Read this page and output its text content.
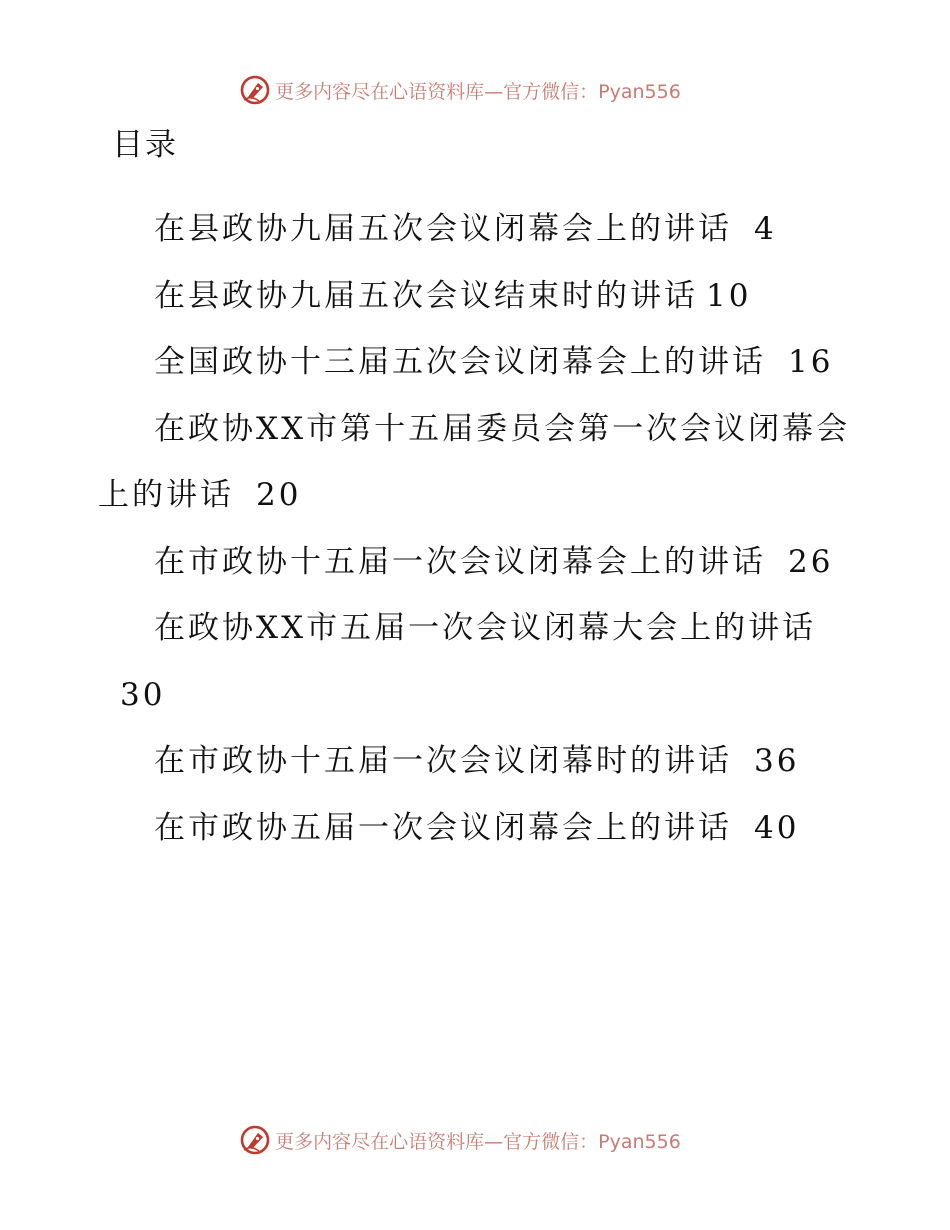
更多内容尽在心语资料库—官方微信：Pyan556
目录
在县政协九届五次会议闭幕会上的讲话 4
在县政协九届五次会议结束时的讲话 10
全国政协十三届五次会议闭幕会上的讲话 16
在政协XX市第十五届委员会第一次会议闭幕会上的讲话 20
在市政协十五届一次会议闭幕会上的讲话 26
在政协XX市五届一次会议闭幕大会上的讲话30
在市政协十五届一次会议闭幕时的讲话 36
在市政协五届一次会议闭幕会上的讲话 40
更多内容尽在心语资料库—官方微信：Pyan556
